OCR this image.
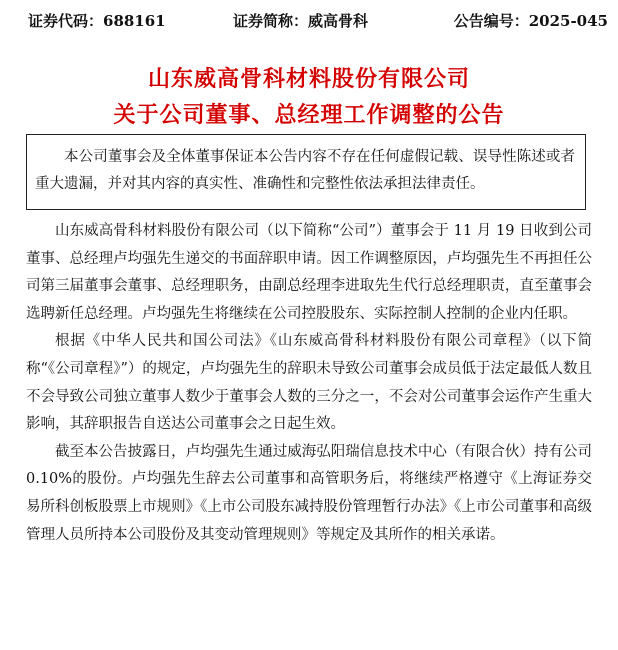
证券代码：688161	证券简称：威高骨科	公告编号：2025-045
山东威高骨科材料股份有限公司
关于公司董事、总经理工作调整的公告

本公司董事会及全体董事保证本公告内容不存在任何虚假记载、误导性陈述或者重大遗漏，并对其内容的真实性、准确性和完整性依法承担法律责任。

山东威高骨科材料股份有限公司（以下简称“公司”）董事会于 11 月 19 日收到公司董事、总经理卢均强先生递交的书面辞职申请。因工作调整原因，卢均强先生不再担任公司第三届董事会董事、总经理职务，由副总经理李进取先生代行总经理职责，直至董事会选聘新任总经理。卢均强先生将继续在公司控股股东、实际控制人控制的企业内任职。

根据《中华人民共和国公司法》《山东威高骨科材料股份有限公司章程》（以下简称“《公司章程》”）的规定，卢均强先生的辞职未导致公司董事会成员低于法定最低人数且不会导致公司独立董事人数少于董事会人数的三分之一，不会对公司董事会运作产生重大影响，其辞职报告自送达公司董事会之日起生效。

截至本公告披露日，卢均强先生通过威海弘阳瑞信息技术中心（有限合伙）持有公司 0.10%的股份。卢均强先生辞去公司董事和高管职务后，将继续严格遵守《上海证券交易所科创板股票上市规则》《上市公司股东减持股份管理暂行办法》《上市公司董事和高级管理人员所持本公司股份及其变动管理规则》等规定及其所作的相关承诺。
